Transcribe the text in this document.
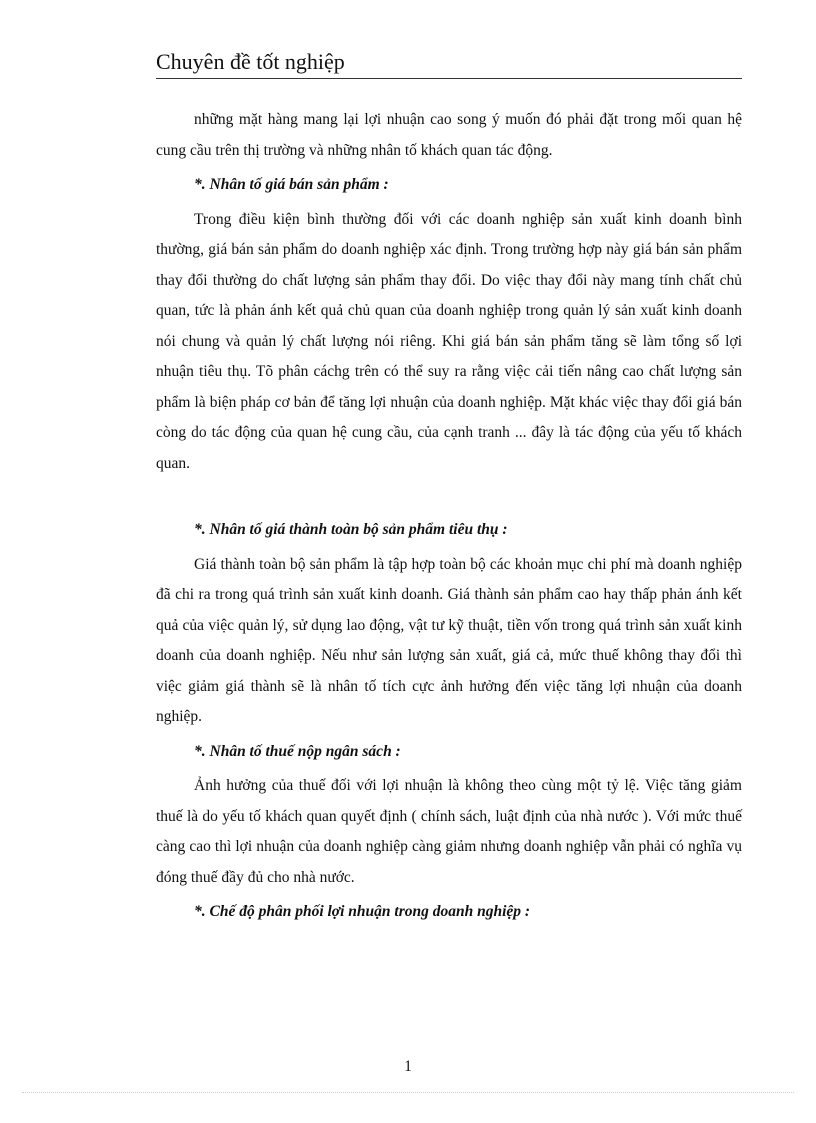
Chuyên đề tốt nghiệp

những mặt hàng mang lại lợi nhuận cao song ý muốn đó phải đặt trong mối quan hệ cung cầu trên thị trường và những nhân tố khách quan tác động.

*. Nhân tố giá bán sản phẩm :

Trong điều kiện bình thường đối với các doanh nghiệp sản xuất kinh doanh bình thường, giá bán sản phẩm do doanh nghiệp xác định. Trong trường hợp này giá bán sản phẩm thay đổi thường do chất lượng sản phẩm thay đổi. Do việc thay đổi này mang tính chất chủ quan, tức là phản ánh kết quả chủ quan của doanh nghiệp trong quản lý sản xuất kinh doanh nói chung và quản lý chất lượng nói riêng. Khi giá bán sản phẩm tăng sẽ làm tổng số lợi nhuận tiêu thụ. Tõ phân cáchg trên có thể suy ra rằng việc cải tiến nâng cao chất lượng sản phẩm là biện pháp cơ bản để tăng lợi nhuận của doanh nghiệp. Mặt khác việc thay đổi giá bán còng do tác động của quan hệ cung cầu, của cạnh tranh ... đây là tác động của yếu tố khách quan.

*. Nhân tố giá thành toàn bộ sản phẩm tiêu thụ :

Giá thành toàn bộ sản phẩm là tập hợp toàn bộ các khoản mục chi phí mà doanh nghiệp đã chi ra trong quá trình sản xuất kinh doanh. Giá thành sản phẩm cao hay thấp phản ánh kết quả của việc quản lý, sử dụng lao động, vật tư kỹ thuật, tiền vốn trong quá trình sản xuất kinh doanh của doanh nghiệp. Nếu như sản lượng sản xuất, giá cả, mức thuế không thay đổi thì việc giảm giá thành sẽ là nhân tố tích cực ảnh hưởng đến việc tăng lợi nhuận của doanh nghiệp.

*. Nhân tố thuế nộp ngân sách :

Ảnh hưởng của thuế đối với lợi nhuận là không theo cùng một tỷ lệ. Việc tăng giảm thuế là do yếu tố khách quan quyết định ( chính sách, luật định của nhà nước ). Với mức thuế càng cao thì lợi nhuận của doanh nghiệp càng giảm nhưng doanh nghiệp vẫn phải có nghĩa vụ đóng thuế đầy đủ cho nhà nước.

*. Chế độ phân phối lợi nhuận trong doanh nghiệp :

1
